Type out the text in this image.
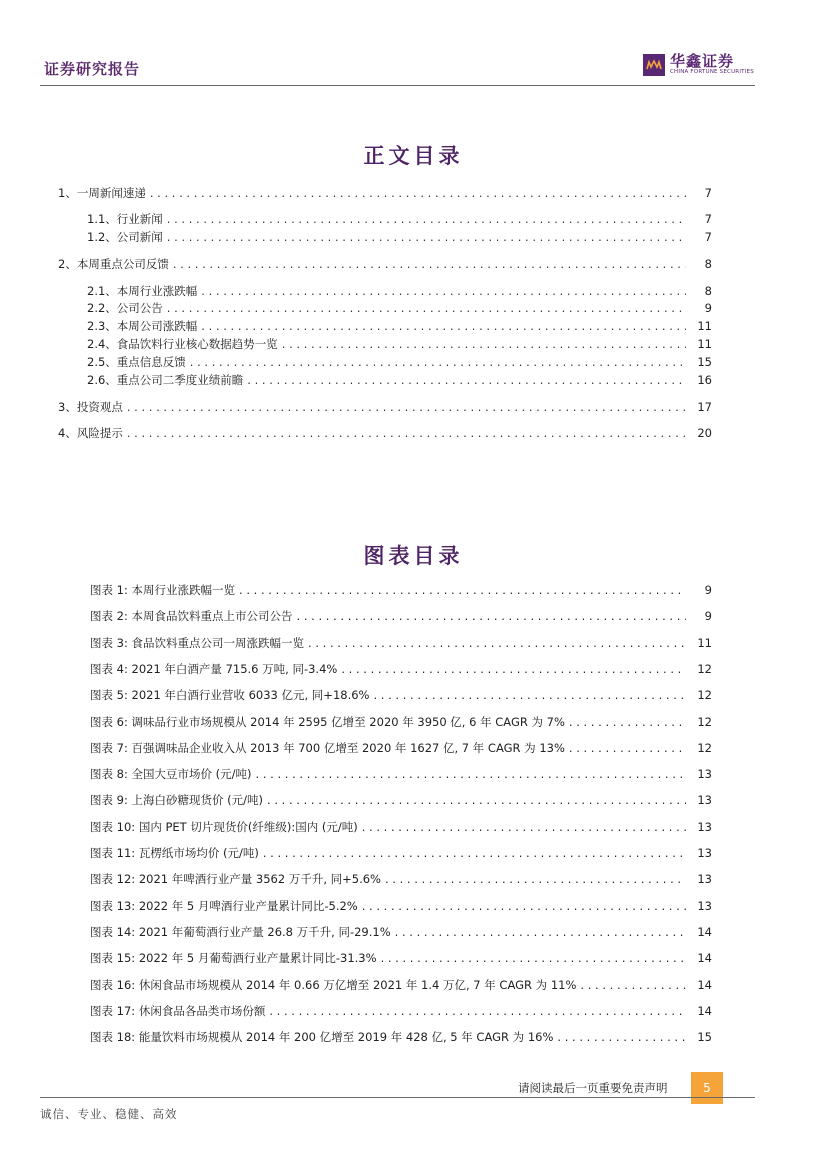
证券研究报告	华鑫证券
CHINA FORTUNE SECURITIES
正文目录
1、一周新闻速递 . . .	7
1.1、行业新闻 . . .	7
1.2、公司新闻 . . .	7
2、本周重点公司反馈 . . .	8
2.1、本周行业涨跌幅 . . .	8
2.2、公司公告 . . .	9
2.3、本周公司涨跌幅 . . .	11
2.4、食品饮料行业核心数据趋势一览 . . .	11
2.5、重点信息反馈 . . .	15
2.6、重点公司二季度业绩前瞻 . . .	16
3、投资观点 . . .	17
4、风险提示 . . .	20
图表目录
图表 1: 本周行业涨跌幅一览 . . .	9
图表 2: 本周食品饮料重点上市公司公告 . . .	9
图表 3: 食品饮料重点公司一周涨跌幅一览 . . .	11
图表 4: 2021 年白酒产量 715.6 万吨, 同-3.4% . . .	12
图表 5: 2021 年白酒行业营收 6033 亿元, 同+18.6% . . .	12
图表 6: 调味品行业市场规模从 2014 年 2595 亿增至 2020 年 3950 亿, 6 年 CAGR 为 7% . . .	12
图表 7: 百强调味品企业收入从 2013 年 700 亿增至 2020 年 1627 亿, 7 年 CAGR 为 13% . . .	12
图表 8: 全国大豆市场价 (元/吨) . . .	13
图表 9: 上海白砂糖现货价 (元/吨) . . .	13
图表 10: 国内 PET 切片现货价(纤维级):国内 (元/吨) . . .	13
图表 11: 瓦楞纸市场均价 (元/吨) . . .	13
图表 12: 2021 年啤酒行业产量 3562 万千升, 同+5.6% . . .	13
图表 13: 2022 年 5 月啤酒行业产量累计同比-5.2% . . .	13
图表 14: 2021 年葡萄酒行业产量 26.8 万千升, 同-29.1% . . .	14
图表 15: 2022 年 5 月葡萄酒行业产量累计同比-31.3% . . .	14
图表 16: 休闲食品市场规模从 2014 年 0.66 万亿增至 2021 年 1.4 万亿, 7 年 CAGR 为 11% . . .	14
图表 17: 休闲食品各品类市场份额 . . .	14
图表 18: 能量饮料市场规模从 2014 年 200 亿增至 2019 年 428 亿, 5 年 CAGR 为 16% . . .	15
请阅读最后一页重要免责声明	5
诚信、专业、稳健、高效
